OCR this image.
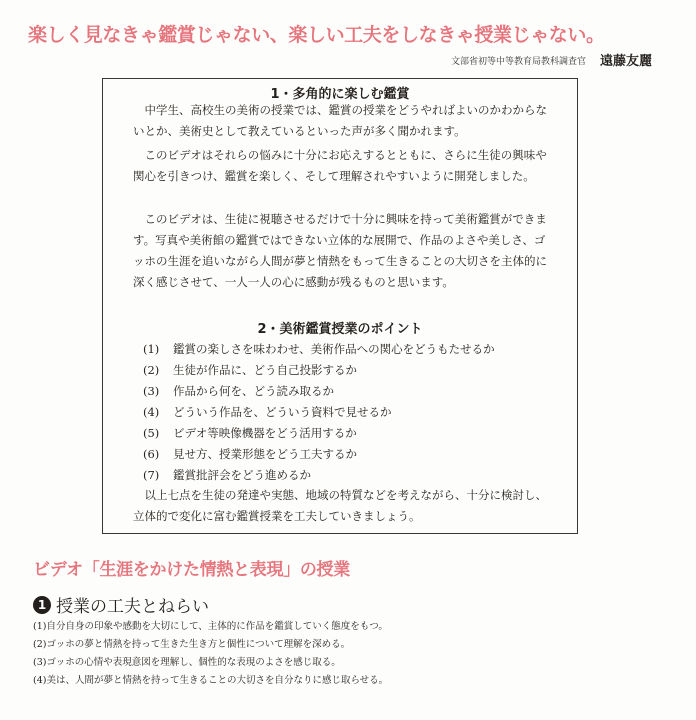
楽しく見なきゃ鑑賞じゃない、楽しい工夫をしなきゃ授業じゃない。
文部省初等中等教育局教科調査官 遠藤友麗
1・多角的に楽しむ鑑賞

中学生、高校生の美術の授業では、鑑賞の授業をどうやればよいのかわからないとか、美術史として教えているといった声が多く聞かれます。

このビデオはそれらの悩みに十分にお応えするとともに、さらに生徒の興味や関心を引きつけ、鑑賞を楽しく、そして理解されやすいように開発しました。

このビデオは、生徒に視聴させるだけで十分に興味を持って美術鑑賞ができます。写真や美術館の鑑賞ではできない立体的な展開で、作品のよさや美しさ、ゴッホの生涯を追いながら人間が夢と情熱をもって生きることの大切さを主体的に深く感じさせて、一人一人の心に感動が残るものと思います。

2・美術鑑賞授業のポイント
(1) 鑑賞の楽しさを味わわせ、美術作品への関心をどうもたせるか
(2) 生徒が作品に、どう自己投影するか
(3) 作品から何を、どう読み取るか
(4) どういう作品を、どういう資料で見せるか
(5) ビデオ等映像機器をどう活用するか
(6) 見せ方、授業形態をどう工夫するか
(7) 鑑賞批評会をどう進めるか

以上七点を生徒の発達や実態、地域の特質などを考えながら、十分に検討し、立体的で変化に富む鑑賞授業を工夫していきましょう。

ビデオ「生涯をかけた情熱と表現」の授業
1 授業の工夫とねらい
(1)自分自身の印象や感動を大切にして、主体的に作品を鑑賞していく態度をもつ。
(2)ゴッホの夢と情熱を持って生きた生き方と個性について理解を深める。
(3)ゴッホの心情や表現意図を理解し、個性的な表現のよさを感じ取る。
(4)美は、人間が夢と情熱を持って生きることの大切さを自分なりに感じ取らせる。
